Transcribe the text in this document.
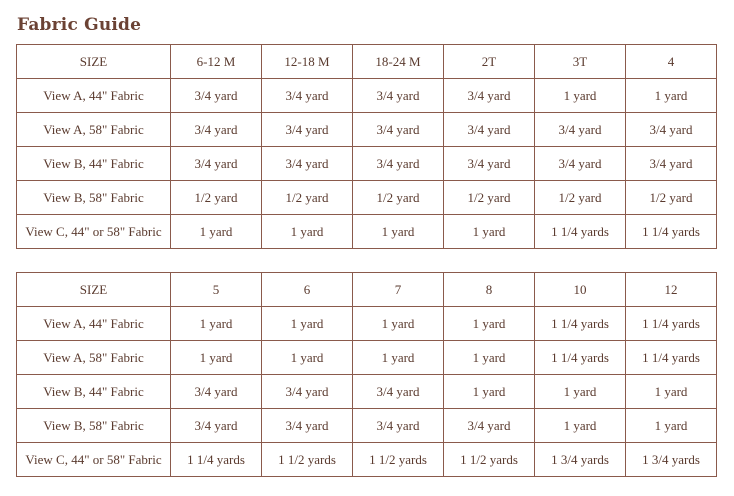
Fabric Guide
SIZE	6-12 M	12-18 M	18-24 M	2T	3T	4
View A, 44" Fabric	3/4 yard	3/4 yard	3/4 yard	3/4 yard	1 yard	1 yard
View A, 58" Fabric	3/4 yard	3/4 yard	3/4 yard	3/4 yard	3/4 yard	3/4 yard
View B, 44" Fabric	3/4 yard	3/4 yard	3/4 yard	3/4 yard	3/4 yard	3/4 yard
View B, 58" Fabric	1/2 yard	1/2 yard	1/2 yard	1/2 yard	1/2 yard	1/2 yard
View C, 44" or 58" Fabric	1 yard	1 yard	1 yard	1 yard	1 1/4 yards	1 1/4 yards
SIZE	5	6	7	8	10	12
View A, 44" Fabric	1 yard	1 yard	1 yard	1 yard	1 1/4 yards	1 1/4 yards
View A, 58" Fabric	1 yard	1 yard	1 yard	1 yard	1 1/4 yards	1 1/4 yards
View B, 44" Fabric	3/4 yard	3/4 yard	3/4 yard	1 yard	1 yard	1 yard
View B, 58" Fabric	3/4 yard	3/4 yard	3/4 yard	3/4 yard	1 yard	1 yard
View C, 44" or 58" Fabric	1 1/4 yards	1 1/2 yards	1 1/2 yards	1 1/2 yards	1 3/4 yards	1 3/4 yards
